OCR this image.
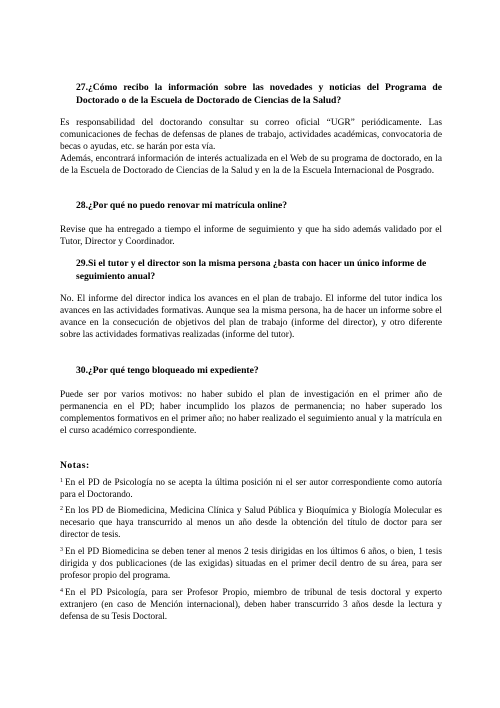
27.¿Cómo recibo la información sobre las novedades y noticias del Programa de Doctorado o de la Escuela de Doctorado de Ciencias de la Salud?
Es responsabilidad del doctorando consultar su correo oficial “UGR” periódicamente. Las comunicaciones de fechas de defensas de planes de trabajo, actividades académicas, convocatoria de becas o ayudas, etc. se harán por esta vía.
Además, encontrará información de interés actualizada en el Web de su programa de doctorado, en la de la Escuela de Doctorado de Ciencias de la Salud y en la de la Escuela Internacional de Posgrado.
28.¿Por qué no puedo renovar mi matrícula online?
Revise que ha entregado a tiempo el informe de seguimiento y que ha sido además validado por el Tutor, Director y Coordinador.
29.Si el tutor y el director son la misma persona ¿basta con hacer un único informe de seguimiento anual?
No. El informe del director indica los avances en el plan de trabajo. El informe del tutor indica los avances en las actividades formativas. Aunque sea la misma persona, ha de hacer un informe sobre el avance en la consecución de objetivos del plan de trabajo (informe del director), y otro diferente sobre las actividades formativas realizadas (informe del tutor).
30.¿Por qué tengo bloqueado mi expediente?
Puede ser por varios motivos: no haber subido el plan de investigación en el primer año de permanencia en el PD; haber incumplido los plazos de permanencia; no haber superado los complementos formativos en el primer año; no haber realizado el seguimiento anual y la matrícula en el curso académico correspondiente.
Notas:
$^1$ En el PD de Psicología no se acepta la última posición ni el ser autor correspondiente como autoría para el Doctorando.
$^2$ En los PD de Biomedicina, Medicina Clínica y Salud Pública y Bioquímica y Biología Molecular es necesario que haya transcurrido al menos un año desde la obtención del título de doctor para ser director de tesis.
$^3$ En el PD Biomedicina se deben tener al menos 2 tesis dirigidas en los últimos 6 años, o bien, 1 tesis dirigida y dos publicaciones (de las exigidas) situadas en el primer decil dentro de su área, para ser profesor propio del programa.
$^4$ En el PD Psicología, para ser Profesor Propio, miembro de tribunal de tesis doctoral y experto extranjero (en caso de Mención internacional), deben haber transcurrido 3 años desde la lectura y defensa de su Tesis Doctoral.
